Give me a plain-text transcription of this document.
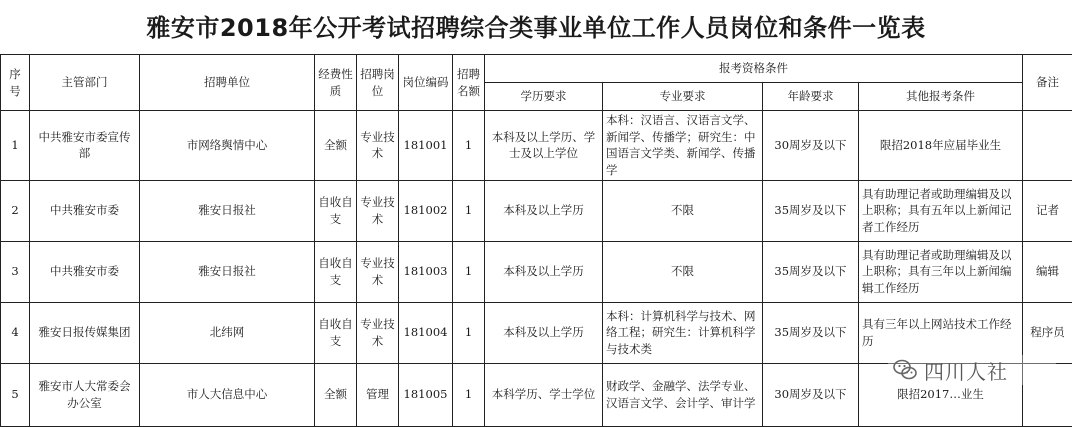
雅安市2018年公开考试招聘综合类事业单位工作人员岗位和条件一览表
序号	主管部门	招聘单位	经费性质	招聘岗位	岗位编码	招聘名额	报考资格条件				备注
							学历要求	专业要求	年龄要求	其他报考条件	
1	中共雅安市委宣传部	市网络舆情中心	全额	专业技术	181001	1	本科及以上学历、学士及以上学位	本科：汉语言、汉语言文学、新闻学、传播学；研究生：中国语言文学类、新闻学、传播学	30周岁及以下	限招2018年应届毕业生	
2	中共雅安市委	雅安日报社	自收自支	专业技术	181002	1	本科及以上学历	不限	35周岁及以下	具有助理记者或助理编辑及以上职称；具有五年以上新闻记者工作经历	记者
3	中共雅安市委	雅安日报社	自收自支	专业技术	181003	1	本科及以上学历	不限	35周岁及以下	具有助理记者或助理编辑及以上职称；具有三年以上新闻编辑工作经历	编辑
4	雅安日报传媒集团	北纬网	自收自支	专业技术	181004	1	本科及以上学历	本科：计算机科学与技术、网络工程；研究生：计算机科学与技术类	35周岁及以下	具有三年以上网站技术工作经历	程序员
5	雅安市人大常委会办公室	市人大信息中心	全额	管理	181005	1	本科学历、学士学位	财政学、金融学、法学专业、汉语言文学、会计学、审计学	30周岁及以下	限招2017…业生	
四川人社
